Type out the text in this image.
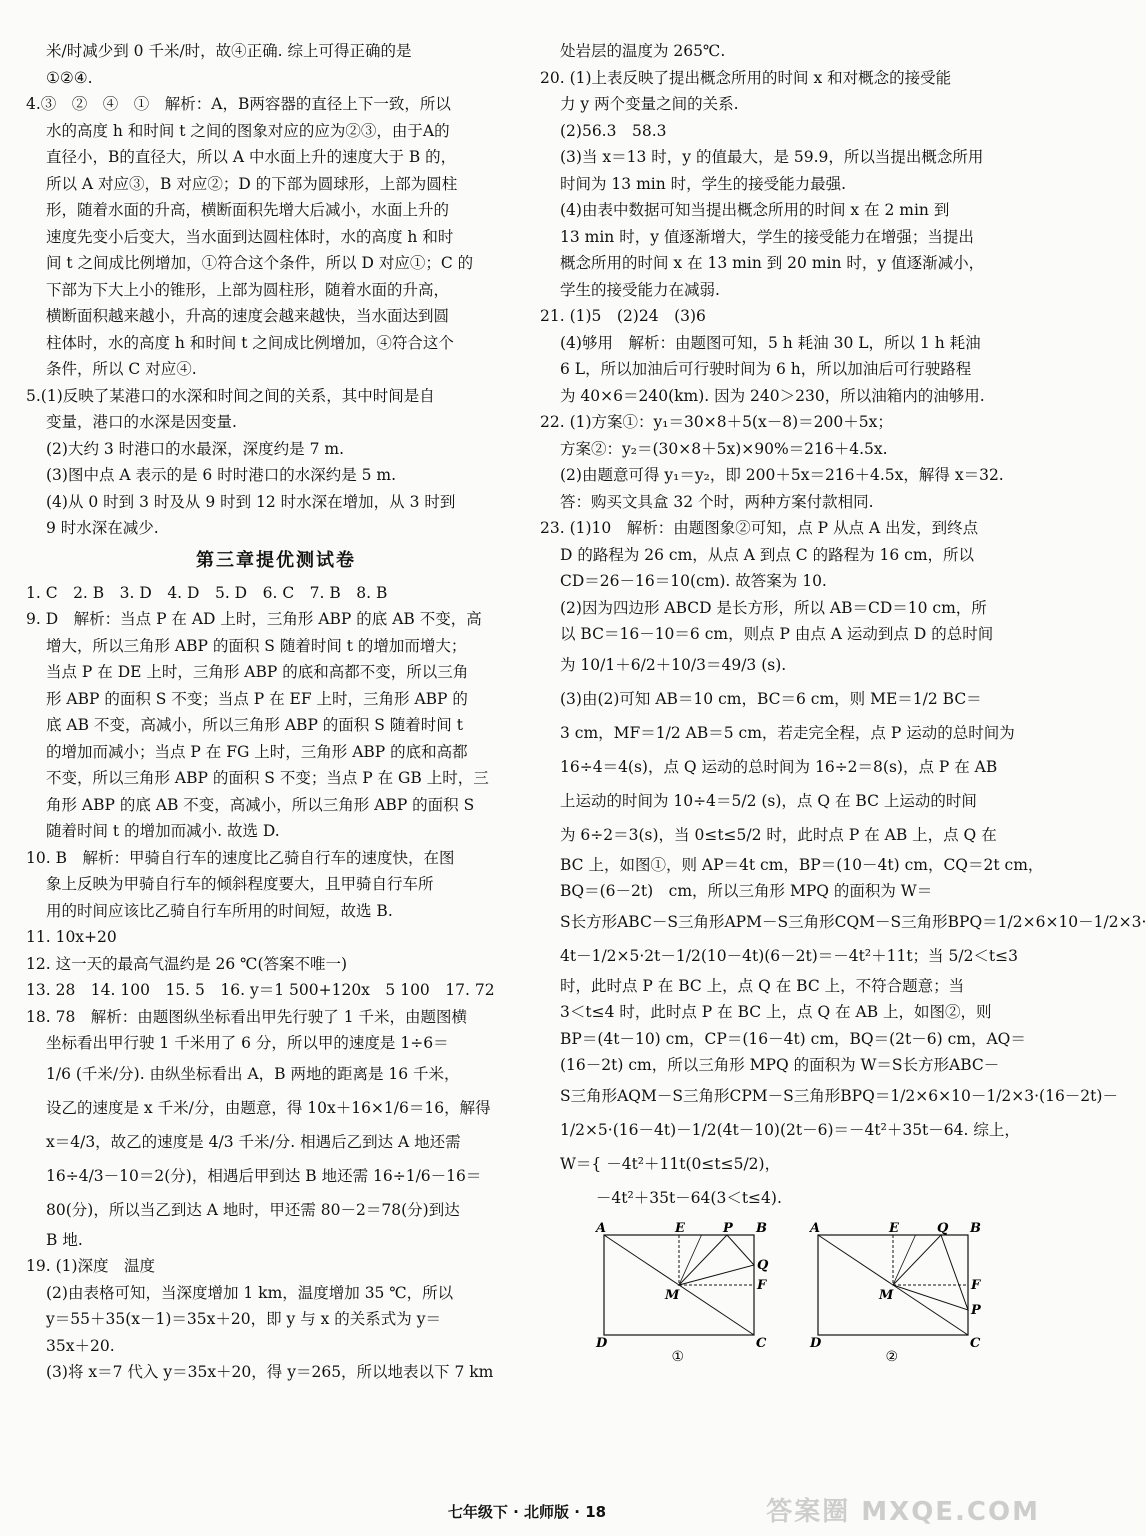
米/时减少到 0 千米/时，故④正确. 综上可得正确的是
①②④.
4.③　②　④　①　解析：A，B两容器的直径上下一致，所以
水的高度 h 和时间 t 之间的图象对应的应为②③，由于A的
直径小，B的直径大，所以 A 中水面上升的速度大于 B 的，
所以 A 对应③，B 对应②；D 的下部为圆球形，上部为圆柱
形，随着水面的升高，横断面积先增大后减小，水面上升的
速度先变小后变大，当水面到达圆柱体时，水的高度 h 和时
间 t 之间成比例增加，①符合这个条件，所以 D 对应①；C 的
下部为下大上小的锥形，上部为圆柱形，随着水面的升高，
横断面积越来越小，升高的速度会越来越快，当水面达到圆
柱体时，水的高度 h 和时间 t 之间成比例增加，④符合这个
条件，所以 C 对应④.
5.(1)反映了某港口的水深和时间之间的关系，其中时间是自
变量，港口的水深是因变量.
(2)大约 3 时港口的水最深，深度约是 7 m.
(3)图中点 A 表示的是 6 时时港口的水深约是 5 m.
(4)从 0 时到 3 时及从 9 时到 12 时水深在增加，从 3 时到
9 时水深在减少.
第三章提优测试卷
1. C　2. B　3. D　4. D　5. D　6. C　7. B　8. B
9. D　解析：当点 P 在 AD 上时，三角形 ABP 的底 AB 不变，高
增大，所以三角形 ABP 的面积 S 随着时间 t 的增加而增大；
当点 P 在 DE 上时，三角形 ABP 的底和高都不变，所以三角
形 ABP 的面积 S 不变；当点 P 在 EF 上时，三角形 ABP 的
底 AB 不变，高减小，所以三角形 ABP 的面积 S 随着时间 t
的增加而减小；当点 P 在 FG 上时，三角形 ABP 的底和高都
不变，所以三角形 ABP 的面积 S 不变；当点 P 在 GB 上时，三
角形 ABP 的底 AB 不变，高减小，所以三角形 ABP 的面积 S
随着时间 t 的增加而减小. 故选 D.
10. B　解析：甲骑自行车的速度比乙骑自行车的速度快，在图
象上反映为甲骑自行车的倾斜程度要大，且甲骑自行车所
用的时间应该比乙骑自行车所用的时间短，故选 B.
11. 10x+20
12. 这一天的最高气温约是 26 ℃(答案不唯一)
13. 28　14. 100　15. 5　16. y＝1 500+120x　5 100　17. 72
18. 78　解析：由题图纵坐标看出甲先行驶了 1 千米，由题图横
坐标看出甲行驶 1 千米用了 6 分，所以甲的速度是 1÷6＝
1/6 (千米/分). 由纵坐标看出 A，B 两地的距离是 16 千米，
设乙的速度是 x 千米/分，由题意，得 10x＋16×1/6＝16，解得
x＝4/3，故乙的速度是 4/3 千米/分. 相遇后乙到达 A 地还需
16÷4/3－10＝2(分)，相遇后甲到达 B 地还需 16÷1/6－16＝
80(分)，所以当乙到达 A 地时，甲还需 80－2＝78(分)到达
B 地.
19. (1)深度　温度
(2)由表格可知，当深度增加 1 km，温度增加 35 ℃，所以
y＝55＋35(x－1)＝35x＋20，即 y 与 x 的关系式为 y＝
35x＋20.
(3)将 x＝7 代入 y＝35x＋20，得 y＝265，所以地表以下 7 km
处岩层的温度为 265℃.
20. (1)上表反映了提出概念所用的时间 x 和对概念的接受能
力 y 两个变量之间的关系.
(2)56.3　58.3
(3)当 x＝13 时，y 的值最大，是 59.9，所以当提出概念所用
时间为 13 min 时，学生的接受能力最强.
(4)由表中数据可知当提出概念所用的时间 x 在 2 min 到
13 min 时，y 值逐渐增大，学生的接受能力在增强；当提出
概念所用的时间 x 在 13 min 到 20 min 时，y 值逐渐减小，
学生的接受能力在减弱.
21. (1)5　(2)24　(3)6
(4)够用　解析：由题图可知，5 h 耗油 30 L，所以 1 h 耗油
6 L，所以加油后可行驶时间为 6 h，所以加油后可行驶路程
为 40×6＝240(km). 因为 240＞230，所以油箱内的油够用.
22. (1)方案①：y₁＝30×8＋5(x－8)＝200＋5x；
方案②：y₂＝(30×8＋5x)×90%＝216＋4.5x.
(2)由题意可得 y₁＝y₂，即 200＋5x＝216＋4.5x，解得 x＝32.
答：购买文具盒 32 个时，两种方案付款相同.
23. (1)10　解析：由题图象②可知，点 P 从点 A 出发，到终点
D 的路程为 26 cm，从点 A 到点 C 的路程为 16 cm，所以
CD＝26－16＝10(cm). 故答案为 10.
(2)因为四边形 ABCD 是长方形，所以 AB＝CD＝10 cm，所
以 BC＝16－10＝6 cm，则点 P 由点 A 运动到点 D 的总时间
为 10/1＋6/2＋10/3＝49/3 (s).
(3)由(2)可知 AB＝10 cm，BC＝6 cm，则 ME＝1/2 BC＝
3 cm，MF＝1/2 AB＝5 cm，若走完全程，点 P 运动的总时间为
16÷4＝4(s)，点 Q 运动的总时间为 16÷2＝8(s)，点 P 在 AB
上运动的时间为 10÷4＝5/2 (s)，点 Q 在 BC 上运动的时间
为 6÷2＝3(s)，当 0≤t≤5/2 时，此时点 P 在 AB 上，点 Q 在
BC 上，如图①，则 AP＝4t cm，BP＝(10－4t) cm，CQ＝2t cm，
BQ＝(6－2t)　cm，所以三角形 MPQ 的面积为 W＝
S长方形ABC－S三角形APM－S三角形CQM－S三角形BPQ＝1/2×6×10－1/2×3·
4t－1/2×5·2t－1/2(10－4t)(6－2t)＝－4t²＋11t；当 5/2＜t≤3
时，此时点 P 在 BC 上，点 Q 在 BC 上，不符合题意；当
3＜t≤4 时，此时点 P 在 BC 上，点 Q 在 AB 上，如图②，则
BP＝(4t－10) cm，CP＝(16－4t) cm，BQ＝(2t－6) cm，AQ＝
(16－2t) cm，所以三角形 MPQ 的面积为 W＝S长方形ABC－
S三角形AQM－S三角形CPM－S三角形BPQ＝1/2×6×10－1/2×3·(16－2t)－
1/2×5·(16－4t)－1/2(4t－10)(2t－6)＝－4t²＋35t－64. 综上，
W＝{ －4t²＋11t(0≤t≤5/2)，
　　 －4t²＋35t－64(3＜t≤4).
A	E	B
D	C
M
F
P
Q
①
A	E	B
D	C
M
F
Q
P
②
七年级下 · 北师版 · 18	答案圈 MXQE.COM
